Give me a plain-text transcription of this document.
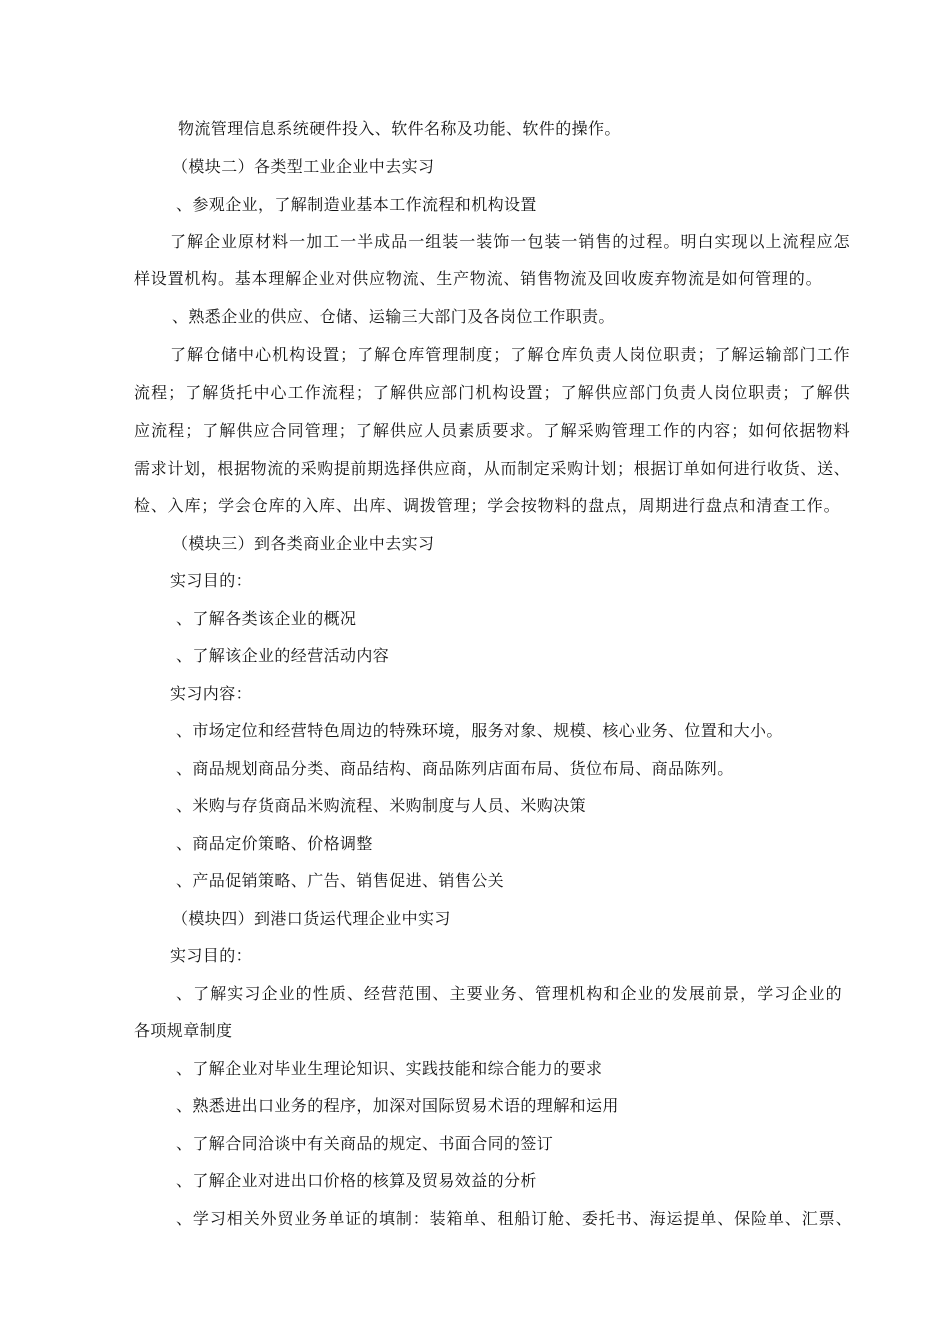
物流管理信息系统硬件投入、软件名称及功能、软件的操作。
（模块二）各类型工业企业中去实习
、参观企业，了解制造业基本工作流程和机构设置
了解企业原材料一加工一半成品一组装一装饰一包装一销售的过程。明白实现以上流程应怎
样设置机构。基本理解企业对供应物流、生产物流、销售物流及回收废弃物流是如何管理的。
、熟悉企业的供应、仓储、运输三大部门及各岗位工作职责。
了解仓储中心机构设置；了解仓库管理制度；了解仓库负责人岗位职责；了解运输部门工作
流程；了解货托中心工作流程；了解供应部门机构设置；了解供应部门负责人岗位职责；了解供
应流程；了解供应合同管理；了解供应人员素质要求。了解采购管理工作的内容；如何依据物料
需求计划，根据物流的采购提前期选择供应商，从而制定采购计划；根据订单如何进行收货、送、
检、入库；学会仓库的入库、出库、调拨管理；学会按物料的盘点，周期进行盘点和清查工作。
（模块三）到各类商业企业中去实习
实习目的：
、了解各类该企业的概况
、了解该企业的经营活动内容
实习内容：
、市场定位和经营特色周边的特殊环境，服务对象、规模、核心业务、位置和大小。
、商品规划商品分类、商品结构、商品陈列店面布局、货位布局、商品陈列。
、米购与存货商品米购流程、米购制度与人员、米购决策
、商品定价策略、价格调整
、产品促销策略、广告、销售促进、销售公关
（模块四）到港口货运代理企业中实习
实习目的：
、了解实习企业的性质、经营范围、主要业务、管理机构和企业的发展前景，学习企业的
各项规章制度
、了解企业对毕业生理论知识、实践技能和综合能力的要求
、熟悉进出口业务的程序，加深对国际贸易术语的理解和运用
、了解合同洽谈中有关商品的规定、书面合同的签订
、了解企业对进出口价格的核算及贸易效益的分析
、学习相关外贸业务单证的填制：装箱单、租船订舱、委托书、海运提单、保险单、汇票、
